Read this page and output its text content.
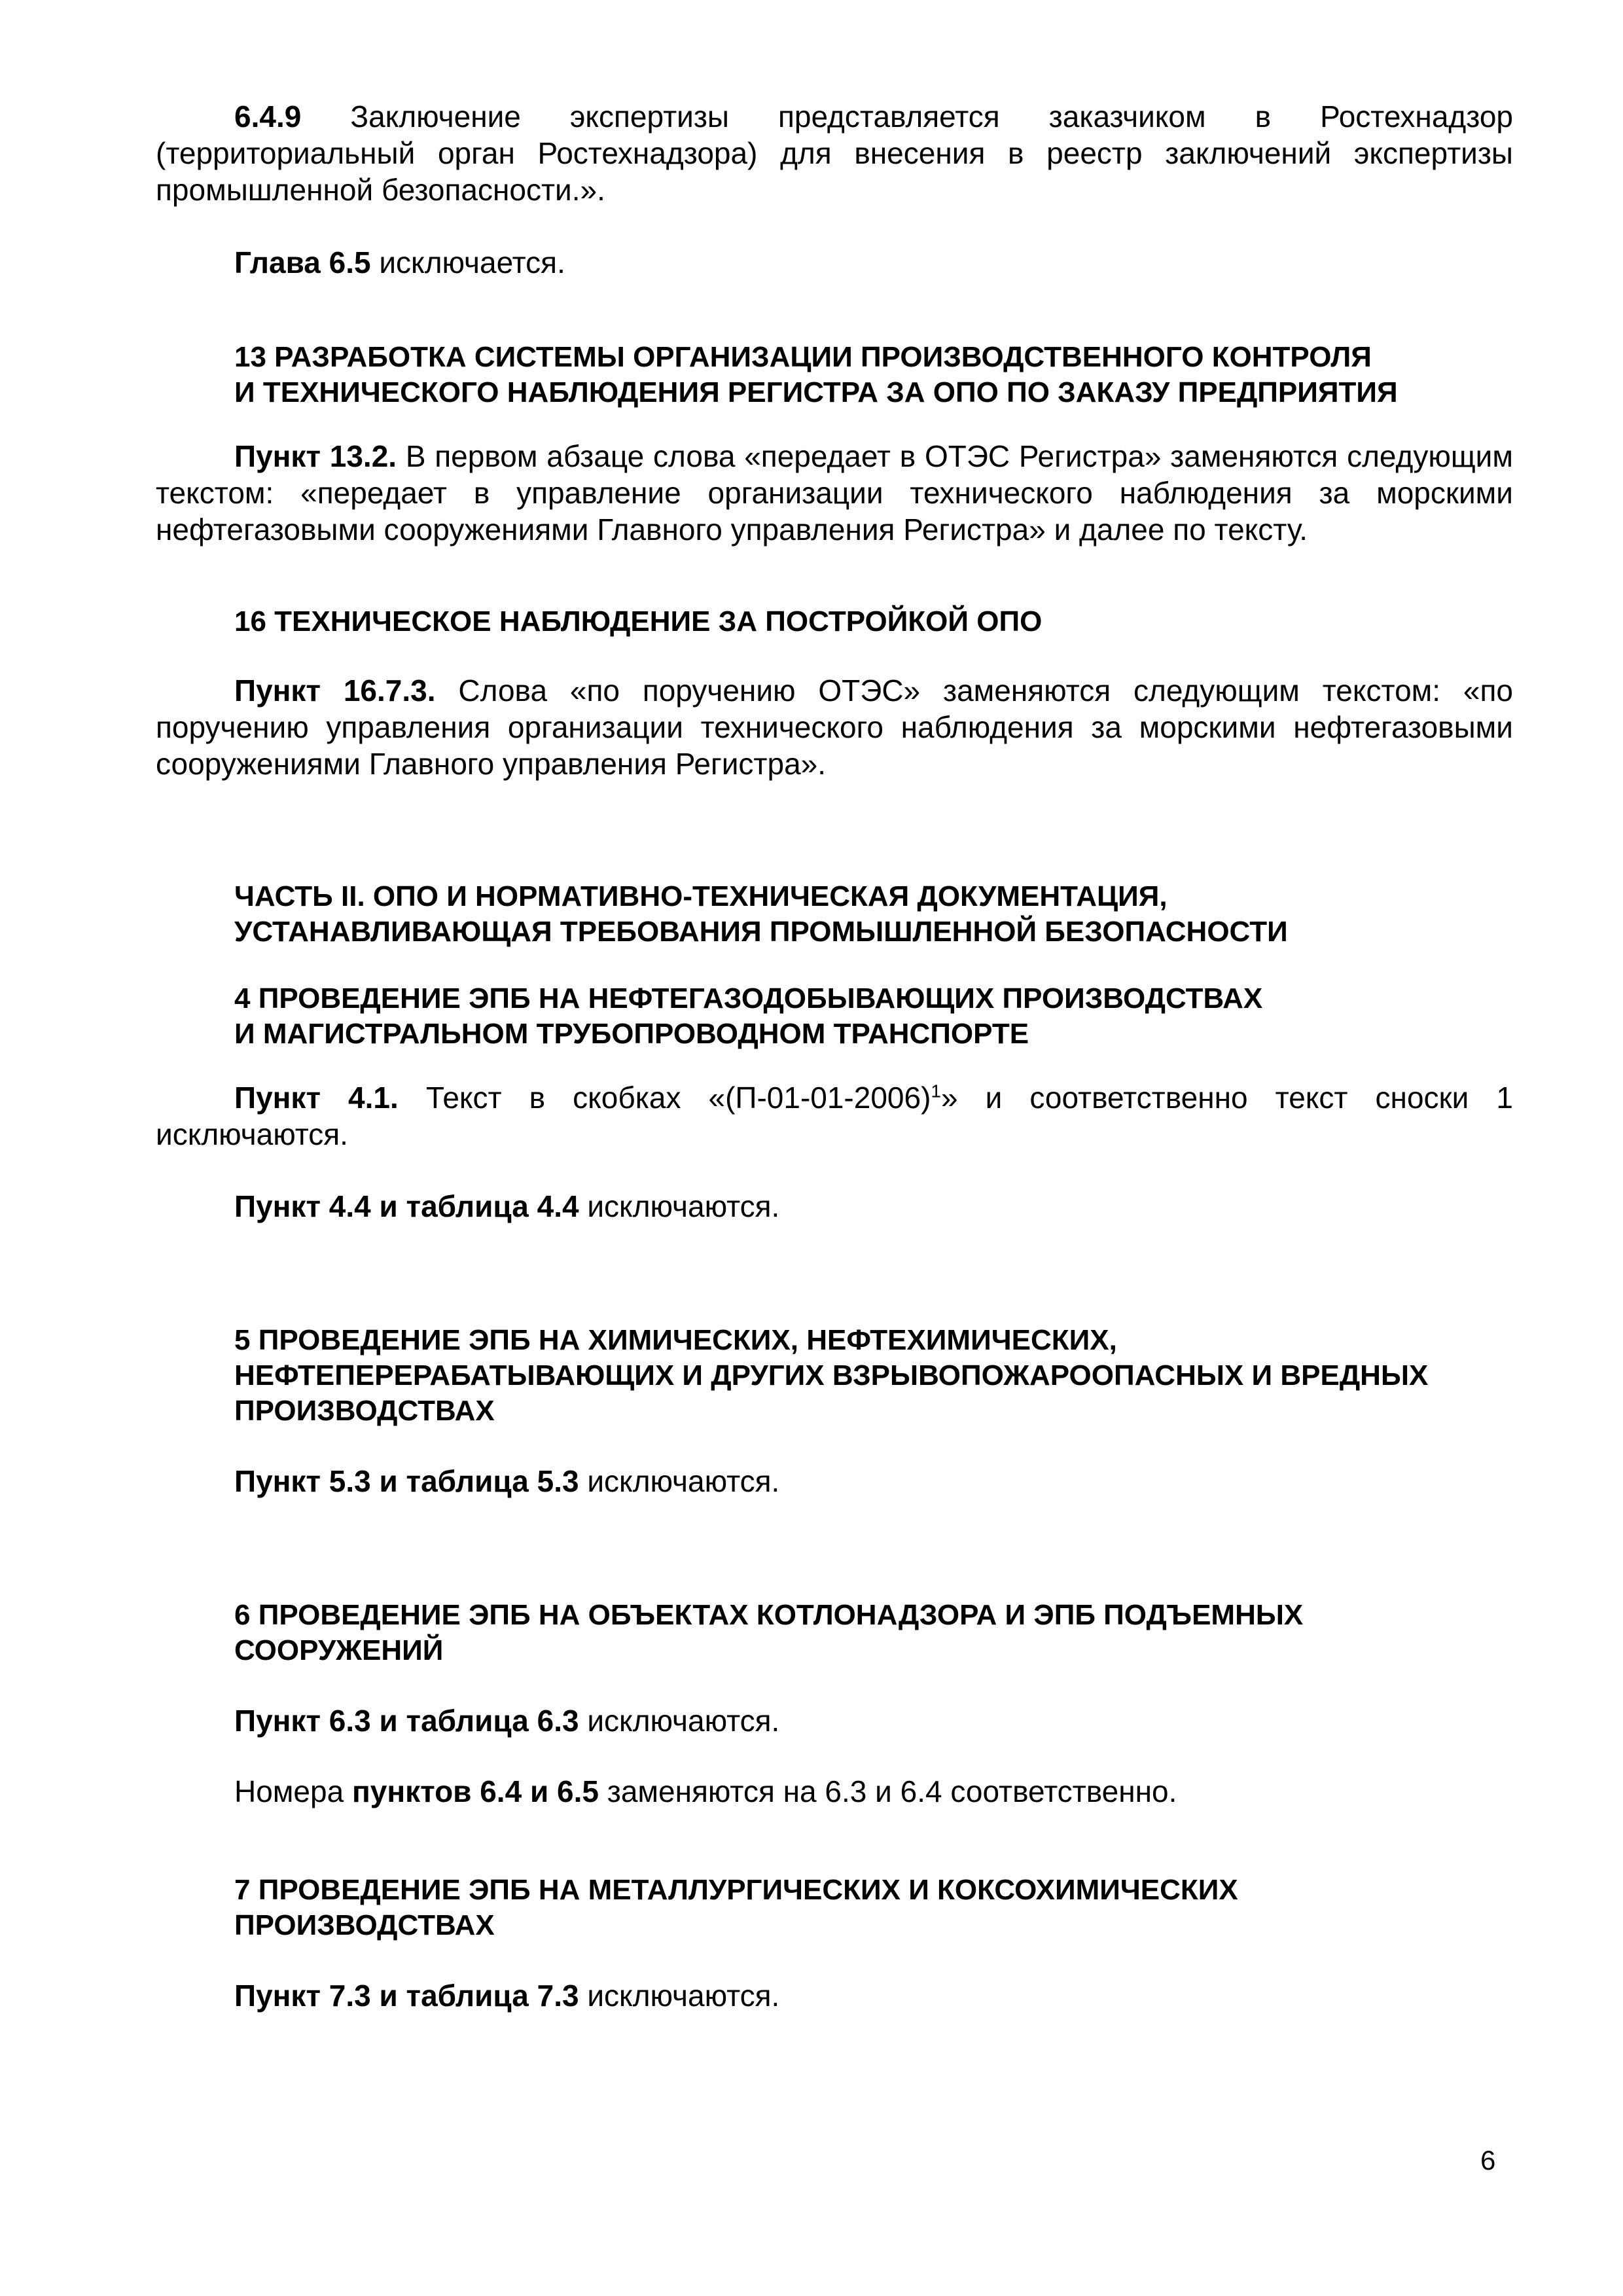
6.4.9 Заключение экспертизы представляется заказчиком в Ростехнадзор (территориальный орган Ростехнадзора) для внесения в реестр заключений экспертизы промышленной безопасности.».

Глава 6.5 исключается.

13 РАЗРАБОТКА СИСТЕМЫ ОРГАНИЗАЦИИ ПРОИЗВОДСТВЕННОГО КОНТРОЛЯ
И ТЕХНИЧЕСКОГО НАБЛЮДЕНИЯ РЕГИСТРА ЗА ОПО ПО ЗАКАЗУ ПРЕДПРИЯТИЯ

Пункт 13.2. В первом абзаце слова «передает в ОТЭС Регистра» заменяются следующим текстом: «передает в управление организации технического наблюдения за морскими нефтегазовыми сооружениями Главного управления Регистра» и далее по тексту.

16 ТЕХНИЧЕСКОЕ НАБЛЮДЕНИЕ ЗА ПОСТРОЙКОЙ ОПО

Пункт 16.7.3. Слова «по поручению ОТЭС» заменяются следующим текстом: «по поручению управления организации технического наблюдения за морскими нефтегазовыми сооружениями Главного управления Регистра».

ЧАСТЬ II. ОПО И НОРМАТИВНО-ТЕХНИЧЕСКАЯ ДОКУМЕНТАЦИЯ,
УСТАНАВЛИВАЮЩАЯ ТРЕБОВАНИЯ ПРОМЫШЛЕННОЙ БЕЗОПАСНОСТИ
4 ПРОВЕДЕНИЕ ЭПБ НА НЕФТЕГАЗОДОБЫВАЮЩИХ ПРОИЗВОДСТВАХ
И МАГИСТРАЛЬНОМ ТРУБОПРОВОДНОМ ТРАНСПОРТЕ

Пункт 4.1. Текст в скобках «$(П-01-01-2006)^1$» и соответственно текст сноски 1 исключаются.

Пункт 4.4 и таблица 4.4 исключаются.

5 ПРОВЕДЕНИЕ ЭПБ НА ХИМИЧЕСКИХ, НЕФТЕХИМИЧЕСКИХ,
НЕФТЕПЕРЕРАБАТЫВАЮЩИХ И ДРУГИХ ВЗРЫВОПОЖАРООПАСНЫХ И ВРЕДНЫХ
ПРОИЗВОДСТВАХ

Пункт 5.3 и таблица 5.3 исключаются.

6 ПРОВЕДЕНИЕ ЭПБ НА ОБЪЕКТАХ КОТЛОНАДЗОРА И ЭПБ ПОДЪЕМНЫХ
СООРУЖЕНИЙ

Пункт 6.3 и таблица 6.3 исключаются.

Номера пунктов 6.4 и 6.5 заменяются на 6.3 и 6.4 соответственно.

7 ПРОВЕДЕНИЕ ЭПБ НА МЕТАЛЛУРГИЧЕСКИХ И КОКСОХИМИЧЕСКИХ
ПРОИЗВОДСТВАХ

Пункт 7.3 и таблица 7.3 исключаются.

6
